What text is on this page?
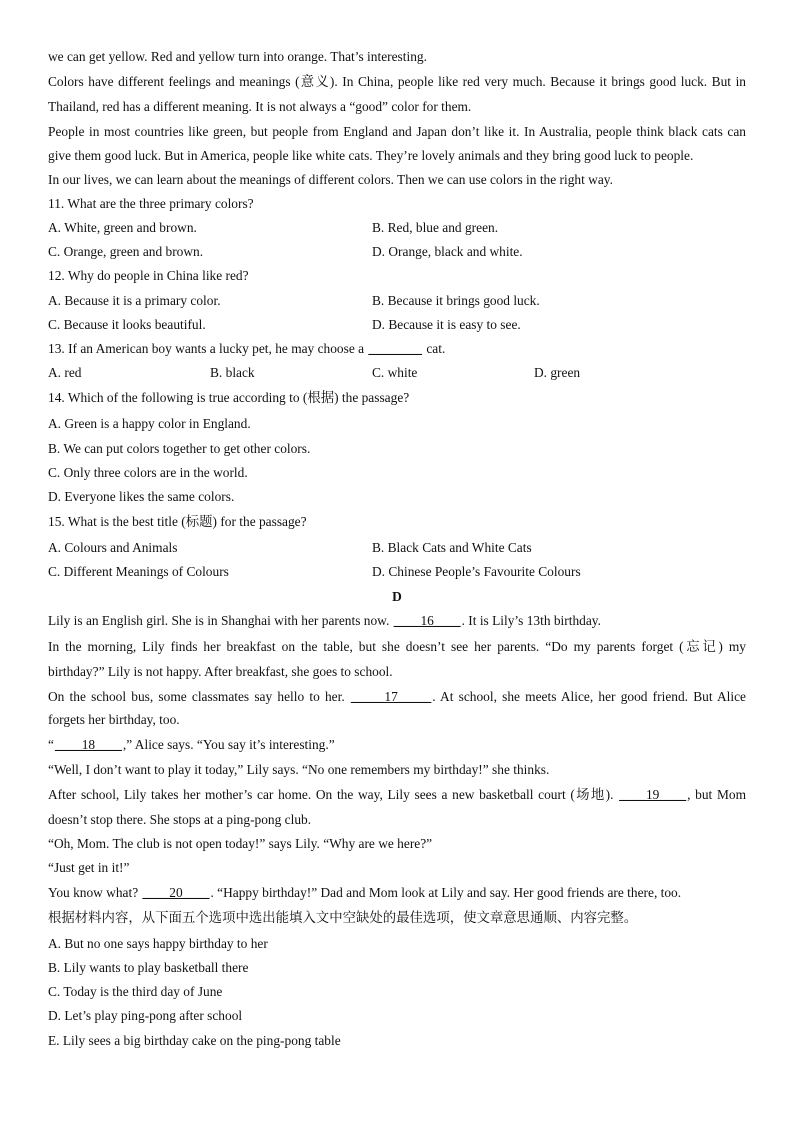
we can get yellow. Red and yellow turn into orange. That’s interesting.
Colors have different feelings and meanings (意义). In China, people like red very much. Because it brings good luck. But in
Thailand, red has a different meaning. It is not always a “good” color for them.
People in most countries like green, but people from England and Japan don’t like it. In Australia, people think black cats can
give them good luck. But in America, people like white cats. They’re lovely animals and they bring good luck to people.
In our lives, we can learn about the meanings of different colors. Then we can use colors in the right way.
11. What are the three primary colors?
A. White, green and brown.	B. Red, blue and green.
C. Orange, green and brown.	D. Orange, black and white.
12. Why do people in China like red?
A. Because it is a primary color.	B. Because it brings good luck.
C. Because it looks beautiful.	D. Because it is easy to see.
13. If an American boy wants a lucky pet, he may choose a ________ cat.
A. red	B. black	C. white	D. green
14. Which of the following is true according to (根据) the passage?
A. Green is a happy color in England.
B. We can put colors together to get other colors.
C. Only three colors are in the world.
D. Everyone likes the same colors.
15. What is the best title (标题) for the passage?
A. Colours and Animals	B. Black Cats and White Cats
C. Different Meanings of Colours	D. Chinese People’s Favourite Colours
D
Lily is an English girl. She is in Shanghai with her parents now. ____16____. It is Lily’s 13th birthday.
In the morning, Lily finds her breakfast on the table, but she doesn’t see her parents. “Do my parents forget (忘记) my
birthday?” Lily is not happy. After breakfast, she goes to school.
On the school bus, some classmates say hello to her. _____17_____. At school, she meets Alice, her good friend. But Alice
forgets her birthday, too.
“____18____,” Alice says. “You say it’s interesting.”
“Well, I don’t want to play it today,” Lily says. “No one remembers my birthday!” she thinks.
After school, Lily takes her mother’s car home. On the way, Lily sees a new basketball court (场地). ____19____, but Mom
doesn’t stop there. She stops at a ping-pong club.
“Oh, Mom. The club is not open today!” says Lily. “Why are we here?”
“Just get in it!”
You know what? ____20____. “Happy birthday!” Dad and Mom look at Lily and say. Her good friends are there, too.
根据材料内容，从下面五个选项中选出能填入文中空缺处的最佳选项，使文章意思通顺、内容完整。
A. But no one says happy birthday to her
B. Lily wants to play basketball there
C. Today is the third day of June
D. Let’s play ping-pong after school
E. Lily sees a big birthday cake on the ping-pong table
